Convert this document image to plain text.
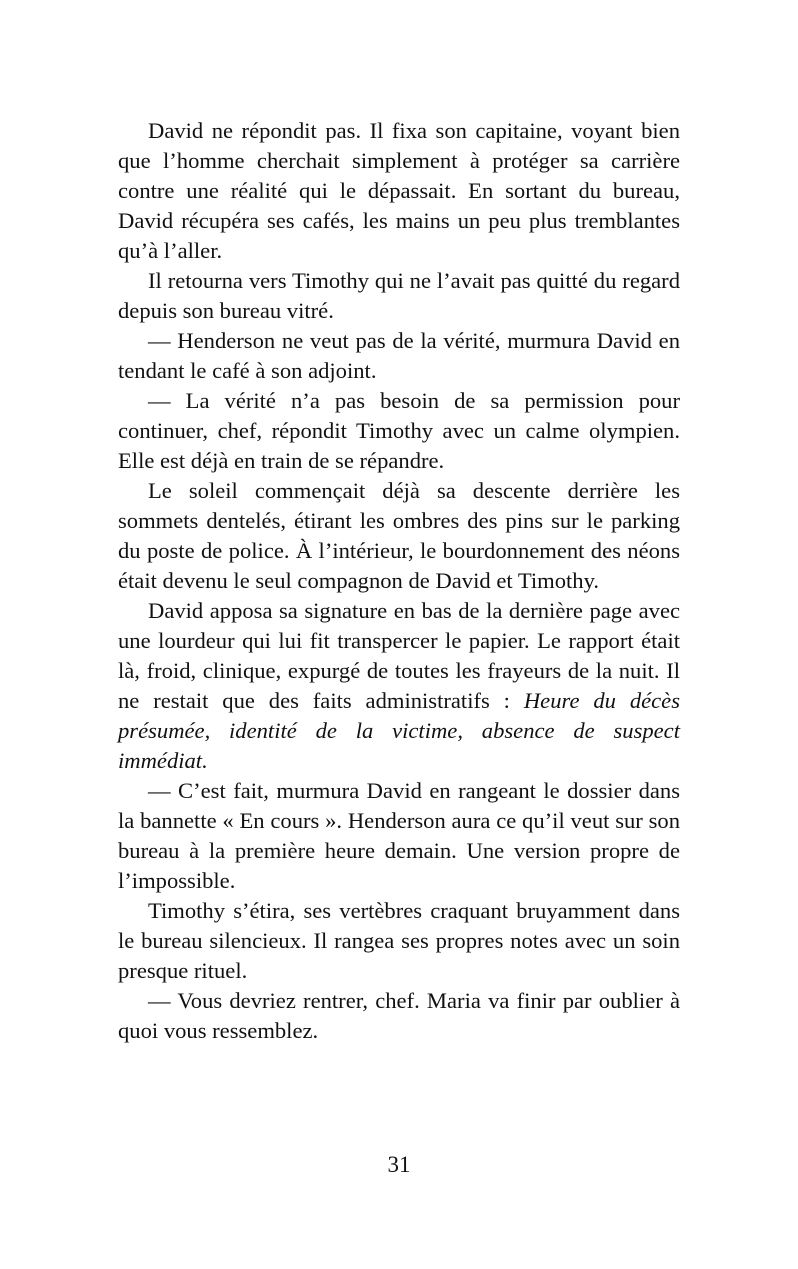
David ne répondit pas. Il fixa son capitaine, voyant bien que l’homme cherchait simplement à protéger sa carrière contre une réalité qui le dépassait. En sortant du bureau, David récupéra ses cafés, les mains un peu plus tremblantes qu’à l’aller.

Il retourna vers Timothy qui ne l’avait pas quitté du regard depuis son bureau vitré.

— Henderson ne veut pas de la vérité, murmura David en tendant le café à son adjoint.

— La vérité n’a pas besoin de sa permission pour continuer, chef, répondit Timothy avec un calme olympien. Elle est déjà en train de se répandre.

Le soleil commençait déjà sa descente derrière les sommets dentelés, étirant les ombres des pins sur le parking du poste de police. À l’intérieur, le bourdonnement des néons était devenu le seul compagnon de David et Timothy.

David apposa sa signature en bas de la dernière page avec une lourdeur qui lui fit transpercer le papier. Le rapport était là, froid, clinique, expurgé de toutes les frayeurs de la nuit. Il ne restait que des faits administratifs : Heure du décès présumée, identité de la victime, absence de suspect immédiat.

— C’est fait, murmura David en rangeant le dossier dans la bannette « En cours ». Henderson aura ce qu’il veut sur son bureau à la première heure demain. Une version propre de l’impossible.

Timothy s’étira, ses vertèbres craquant bruyamment dans le bureau silencieux. Il rangea ses propres notes avec un soin presque rituel.

— Vous devriez rentrer, chef. Maria va finir par oublier à quoi vous ressemblez.

31
